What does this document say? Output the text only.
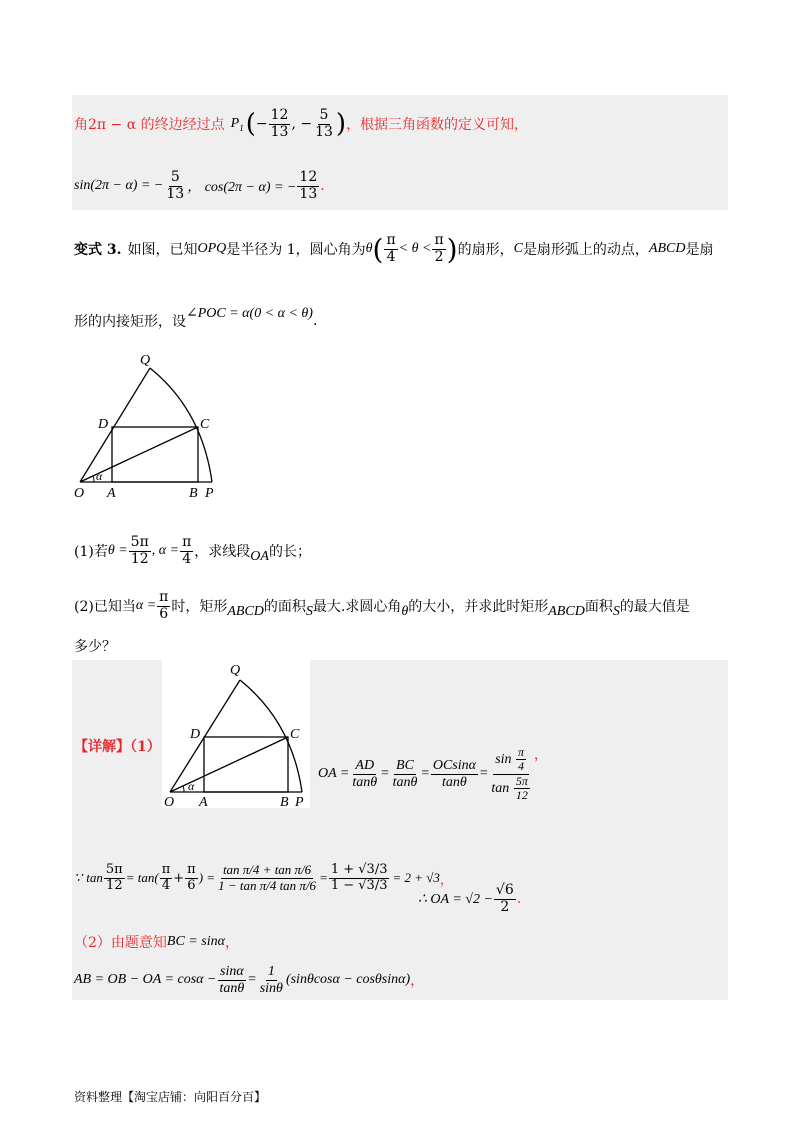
角2π − α 的终边经过点 $P_1$ ( − $\frac{12}{13}$ , − $\frac{5}{13}$ ) ，根据三角函数的定义可知，
sin(2π − α) = − $\frac{5}{13}$ ， cos(2π − α) = − $\frac{12}{13}$ .
变式 3. 如图，已知 OPQ 是半径为 1，圆心角为 θ ( $\frac{\pi}{4} < \theta < \frac{\pi}{2}$ ) 的扇形， C 是扇形弧上的动点， ABCD 是扇
形的内接矩形，设
∠POC = α(0 < α < θ) .
Q
D	C
O A	B P
α
(1)若 $\theta = \frac{5\pi}{12}$ , $\alpha = \frac{\pi}{4}$ ，求线段 OA 的长；
(2)已知当 $\alpha = \frac{\pi}{6}$ 时，矩形 ABCD 的面积 S 最大.求圆心角 θ 的大小，并求此时矩形 ABCD 面积 S 的最大值是
多少？
Q
D	C
O A	B P
α
【详解】（1）
OA = $\frac{AD}{\tan\theta} = \frac{BC}{\tan\theta} = \frac{OCsin\alpha}{\tan\theta} = \frac{\sin \frac{\pi}{4}}{\tan \frac{5\pi}{12}}$ ，
∵ $\tan \frac{5\pi}{12} = \tan( \frac{\pi}{4} + \frac{\pi}{6}$ ) = $\frac{\text{tan π/4 + tan π/6}}{\text{1 − tan π/4 tan π/6}} = \frac{1 + √3/3}{1 - √3/3} = 2 + √3$ ，
∴ OA = $√2 - \frac{√6}{2}$ .
（2）由题意知 BC = sinα ，
AB = OB − OA = $\cos\alpha - \frac{\sin\alpha}{\tan\theta} = \frac{1}{\sin\theta} (\sin\theta\cos\alpha - \cos\theta\sin\alpha)$ ，
资料整理【淘宝店铺：向阳百分百】
